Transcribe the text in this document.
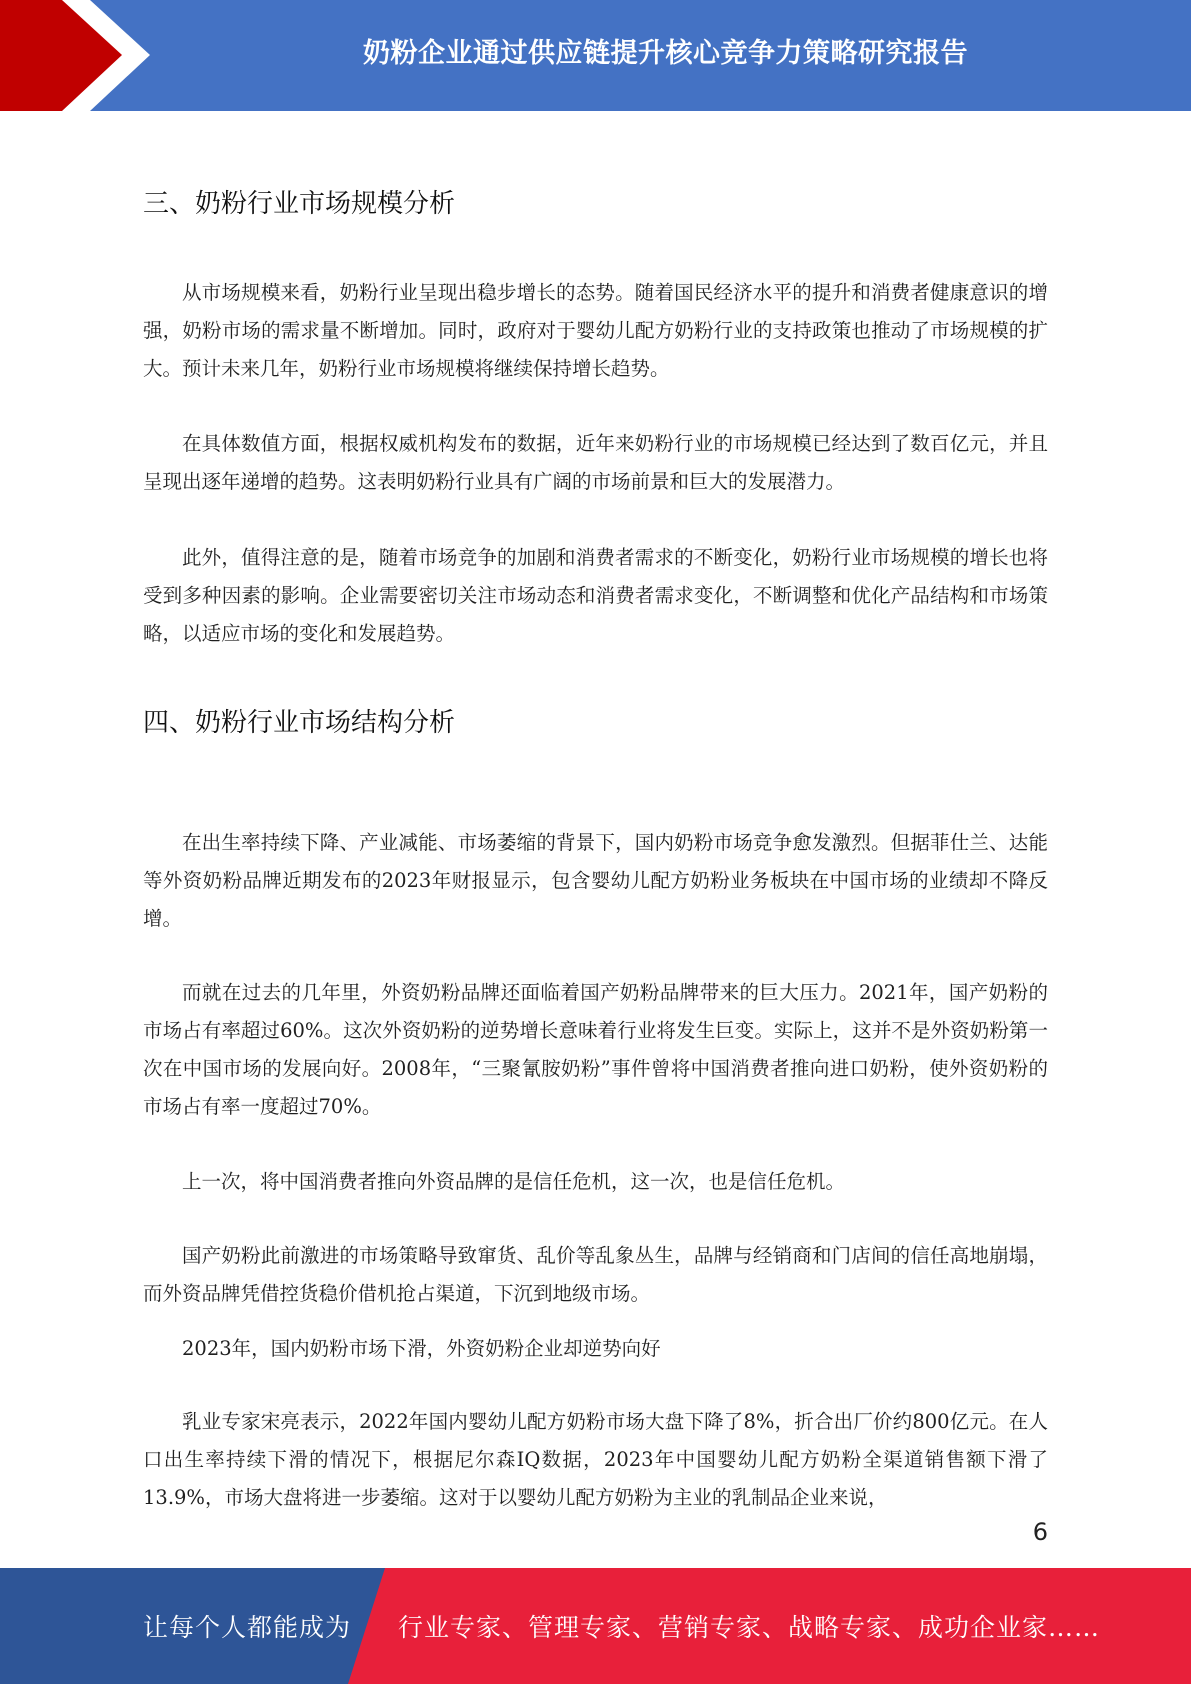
奶粉企业通过供应链提升核心竞争力策略研究报告
三、奶粉行业市场规模分析

从市场规模来看，奶粉行业呈现出稳步增长的态势。随着国民经济水平的提升和消费者健康意识的增强，奶粉市场的需求量不断增加。同时，政府对于婴幼儿配方奶粉行业的支持政策也推动了市场规模的扩大。预计未来几年，奶粉行业市场规模将继续保持增长趋势。

在具体数值方面，根据权威机构发布的数据，近年来奶粉行业的市场规模已经达到了数百亿元，并且呈现出逐年递增的趋势。这表明奶粉行业具有广阔的市场前景和巨大的发展潜力。

此外，值得注意的是，随着市场竞争的加剧和消费者需求的不断变化，奶粉行业市场规模的增长也将受到多种因素的影响。企业需要密切关注市场动态和消费者需求变化，不断调整和优化产品结构和市场策略，以适应市场的变化和发展趋势。

四、奶粉行业市场结构分析

在出生率持续下降、产业减能、市场萎缩的背景下，国内奶粉市场竞争愈发激烈。但据菲仕兰、达能等外资奶粉品牌近期发布的2023年财报显示，包含婴幼儿配方奶粉业务板块在中国市场的业绩却不降反增。

而就在过去的几年里，外资奶粉品牌还面临着国产奶粉品牌带来的巨大压力。2021年，国产奶粉的市场占有率超过60%。这次外资奶粉的逆势增长意味着行业将发生巨变。实际上，这并不是外资奶粉第一次在中国市场的发展向好。2008年，“三聚氰胺奶粉”事件曾将中国消费者推向进口奶粉，使外资奶粉的市场占有率一度超过70%。

上一次，将中国消费者推向外资品牌的是信任危机，这一次，也是信任危机。

国产奶粉此前激进的市场策略导致窜货、乱价等乱象丛生，品牌与经销商和门店间的信任高地崩塌，而外资品牌凭借控货稳价借机抢占渠道，下沉到地级市场。

2023年，国内奶粉市场下滑，外资奶粉企业却逆势向好

乳业专家宋亮表示，2022年国内婴幼儿配方奶粉市场大盘下降了8%，折合出厂价约800亿元。在人口出生率持续下滑的情况下，根据尼尔森IQ数据，2023年中国婴幼儿配方奶粉全渠道销售额下滑了13.9%，市场大盘将进一步萎缩。这对于以婴幼儿配方奶粉为主业的乳制品企业来说，

6
让每个人都能成为 行业专家、管理专家、营销专家、战略专家、成功企业家……
